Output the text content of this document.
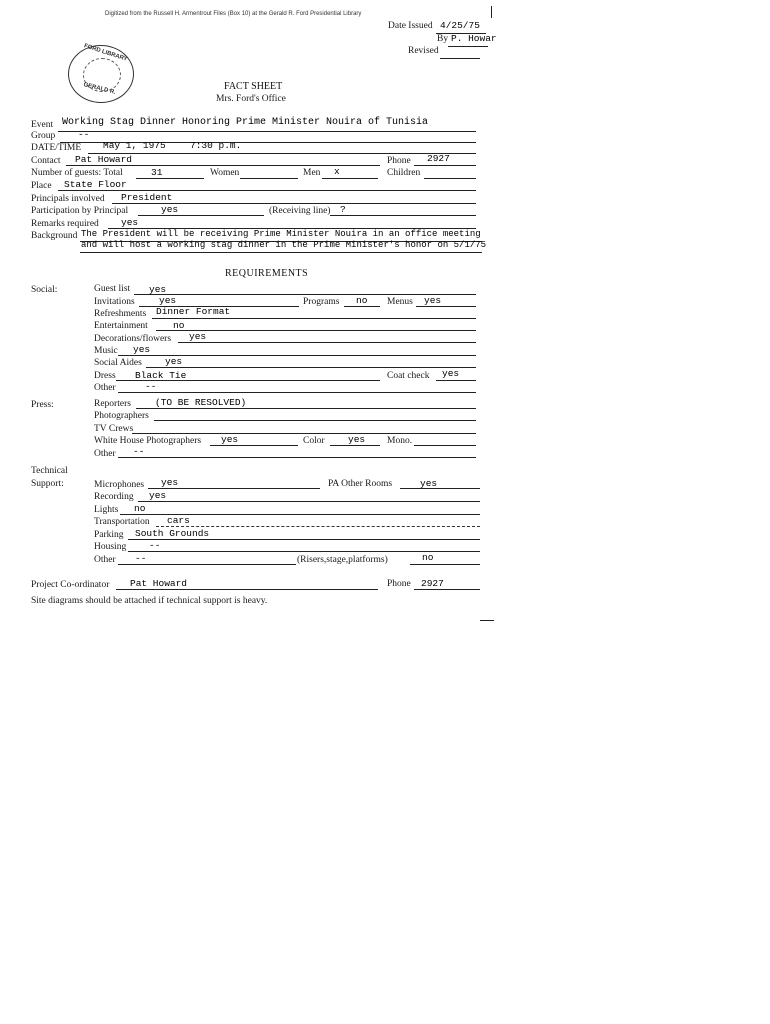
Digitized from the Russell H. Armentrout Files (Box 10) at the Gerald R. Ford Presidential Library
Date Issued 4/25/75
By P. Howar
Revised
FORD LIBRARY
GERALD R.	FACT SHEET
Mrs. Ford's Office
Event Working Stag Dinner Honoring Prime Minister Nouira of Tunisia
Group --
DATE/TIME May 1, 1975	7:30 p.m.
Contact Pat Howard	Phone 2927
Number of guests: Total	31	Women	Men x	Children
Place State Floor
Principals involved President
Participation by Principal	yes	(Receiving line) ?
Remarks required yes
Background The President will be receiving Prime Minister Nouira in an office meeting
and will host a working stag dinner in the Prime Minister's honor on 5/1/75
REQUIREMENTS
Social:	Guest list yes
Invitations	yes	Programs no Menus yes
Refreshments Dinner Format
Entertainment	no
Decorations/flowers yes
Music yes
Social Aides yes
Dress Black Tie	Coat check yes
Other	--
Press:	Reporters	(TO BE RESOLVED)
Photographers
TV Crews
White House Photographers yes	Color yes Mono.
Other --
Technical
Support:	Microphones yes	PA Other Rooms	yes
Recording yes
Lights no
Transportation cars
Parking South Grounds
Housing --
Other --	(Risers,stage,platforms)	no
Project Co-ordinator Pat Howard	Phone 2927
Site diagrams should be attached if technical support is heavy.
